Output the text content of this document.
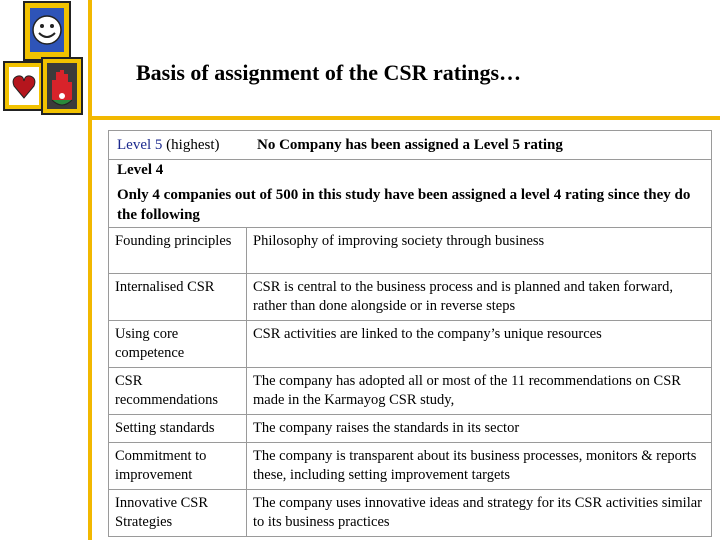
Basis of assignment of the CSR ratings…
Level 5 (highest)	No Company has been assigned a Level 5 rating
Level 4
Only 4 companies out of 500 in this study have been assigned a level 4 rating since they do the following
Founding principles	Philosophy of improving society through business
Internalised CSR	CSR is central to the business process and is planned and taken forward, rather than done alongside or in reverse steps
Using core competence	CSR activities are linked to the company’s unique resources
CSR recommendations	The company has adopted all or most of the 11 recommendations on CSR made in the Karmayog CSR study,
Setting standards	The company raises the standards in its sector
Commitment to improvement	The company is transparent about its business processes, monitors & reports these, including setting improvement targets
Innovative CSR Strategies	The company uses innovative ideas and strategy for its CSR activities similar to its business practices
